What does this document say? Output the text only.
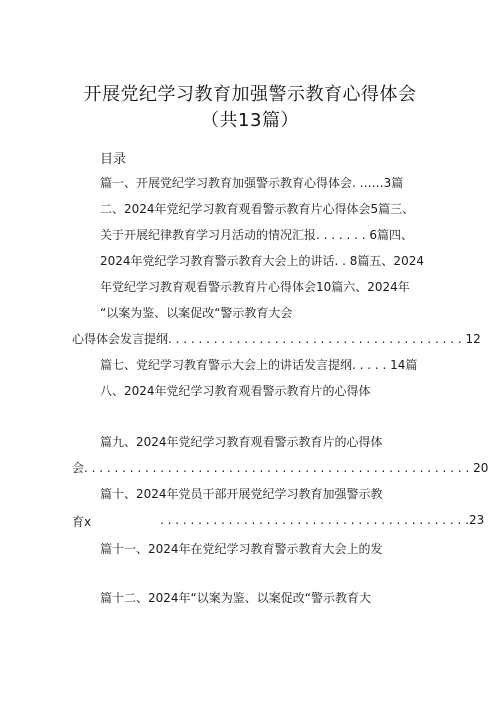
开展党纪学习教育加强警示教育心得体会
（共13篇）
目录
篇一、开展党纪学习教育加强警示教育心得体会. ……3篇
二、2024年党纪学习教育观看警示教育片心得体会5篇三、
关于开展纪律教育学习月活动的情况汇报. . . . . . . 6篇四、
2024年党纪学习教育警示教育大会上的讲话. . 8篇五、2024
年党纪学习教育观看警示教育片心得体会10篇六、2024年
“以案为鉴、以案促改“警示教育大会
心得体会发言提纲. . . . . . . . . . . . . . . . . . . . . . . . . . . . . . . . . . . . . . . 12
篇七、党纪学习教育警示大会上的讲话发言提纲. . . . . 14篇
八、2024年党纪学习教育观看警示教育片的心得体
篇九、2024年党纪学习教育观看警示教育片的心得体
会. . . . . . . . . . . . . . . . . . . . . . . . . . . . . . . . . . . . . . . . . . . . . . . . . . . 20
篇十、2024年党员干部开展党纪学习教育加强警示教
育x	. . . . . . . . . . . . . . . . . . . . . . . . . . . . . . . . . . . . . . . . .23
篇十一、2024年在党纪学习教育警示教育大会上的发
篇十二、2024年“以案为鉴、以案促改“警示教育大
